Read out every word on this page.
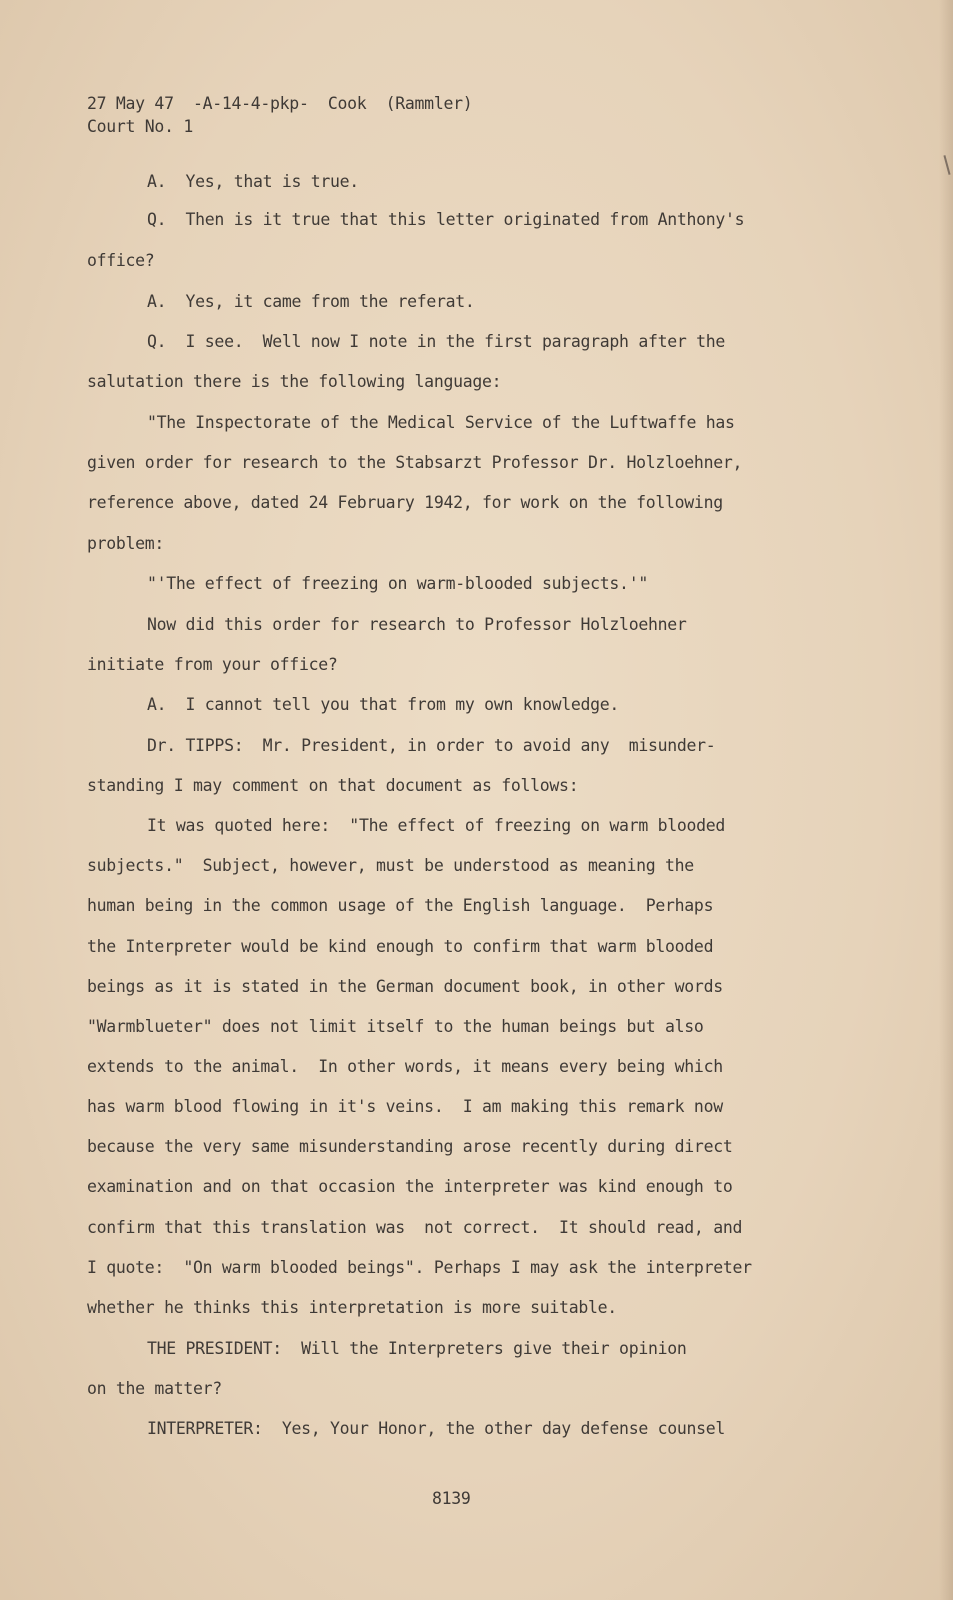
27 May 47  -A-14-4-pkp-  Cook  (Rammler)
Court No. 1
A.  Yes, that is true.
Q.  Then is it true that this letter originated from Anthony's
office?
A.  Yes, it came from the referat.
Q.  I see.  Well now I note in the first paragraph after the
salutation there is the following language:
"The Inspectorate of the Medical Service of the Luftwaffe has
given order for research to the Stabsarzt Professor Dr. Holzloehner,
reference above, dated 24 February 1942, for work on the following
problem:
"'The effect of freezing on warm-blooded subjects.'"
Now did this order for research to Professor Holzloehner
initiate from your office?
A.  I cannot tell you that from my own knowledge.
Dr. TIPPS:  Mr. President, in order to avoid any  misunder-
standing I may comment on that document as follows:
It was quoted here:  "The effect of freezing on warm blooded
subjects."  Subject, however, must be understood as meaning the
human being in the common usage of the English language.  Perhaps
the Interpreter would be kind enough to confirm that warm blooded
beings as it is stated in the German document book, in other words
"Warmblueter" does not limit itself to the human beings but also
extends to the animal.  In other words, it means every being which
has warm blood flowing in it's veins.  I am making this remark now
because the very same misunderstanding arose recently during direct
examination and on that occasion the interpreter was kind enough to
confirm that this translation was  not correct.  It should read, and
I quote:  "On warm blooded beings". Perhaps I may ask the interpreter
whether he thinks this interpretation is more suitable.
THE PRESIDENT:  Will the Interpreters give their opinion
on the matter?
INTERPRETER:  Yes, Your Honor, the other day defense counsel
8139
